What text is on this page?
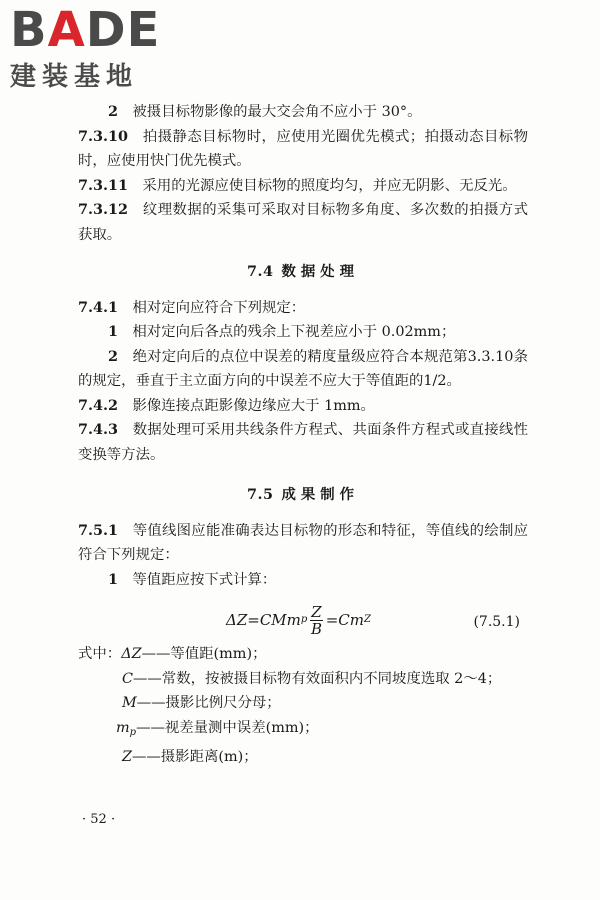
BADE
建装基地

2  被摄目标物影像的最大交会角不应小于 30°。

7.3.10  拍摄静态目标物时，应使用光圈优先模式；拍摄动态目标物时，应使用快门优先模式。

7.3.11  采用的光源应使目标物的照度均匀，并应无阴影、无反光。

7.3.12  纹理数据的采集可采取对目标物多角度、多次数的拍摄方式获取。

7.4 数据处理

7.4.1  相对定向应符合下列规定：

1  相对定向后各点的残余上下视差应小于 0.02mm；

2  绝对定向后的点位中误差的精度量级应符合本规范第3.3.10条的规定，垂直于主立面方向的中误差不应大于等值距的1/2。

7.4.2  影像连接点距影像边缘应大于 1mm。

7.4.3  数据处理可采用共线条件方程式、共面条件方程式或直接线性变换等方法。

7.5 成果制作

7.5.1  等值线图应能准确表达目标物的形态和特征，等值线的绘制应符合下列规定：

1  等值距应按下式计算：

ΔZ=CMm p $\frac{Z}{B} =Cm$ Z	(7.5.1)

式中：ΔZ——等值距(mm)；

C——常数，按被摄目标物有效面积内不同坡度选取 2～4；

M——摄影比例尺分母；

$m_p——$视差量测中误差(mm)；

Z——摄影距离(m)；

· 52 ·
